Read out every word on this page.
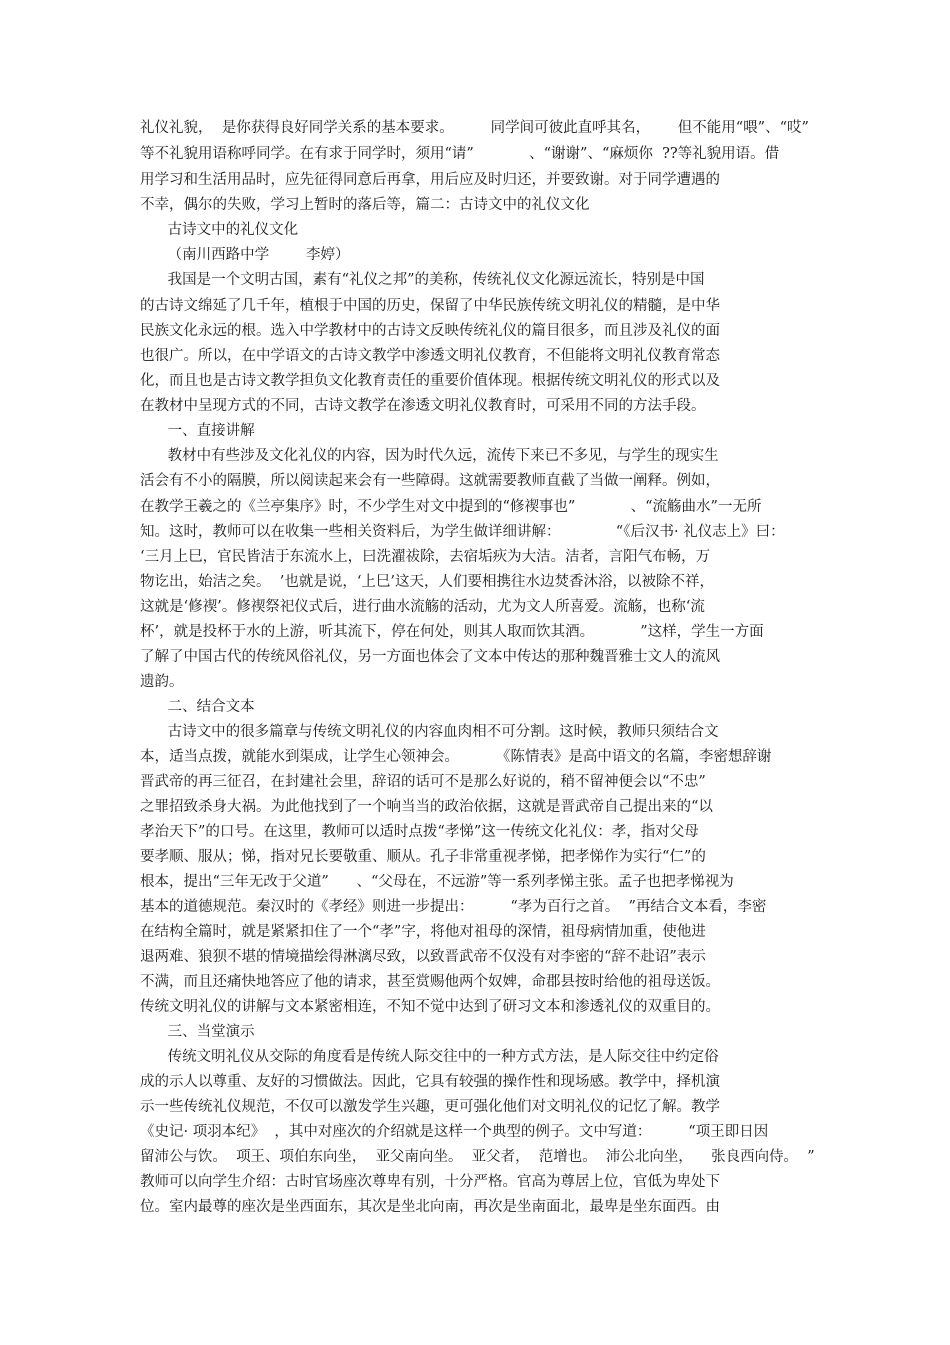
礼仪礼貌，  是你获得良好同学关系的基本要求。        同学间可彼此直呼其名，      但不能用“喂”、“哎”
等不礼貌用语称呼同学。在有求于同学时，须用“请”            、“谢谢”、“麻烦你  ??等礼貌用语。借
用学习和生活用品时，应先征得同意后再拿，用后应及时归还，并要致谢。对于同学遭遇的
不幸，偶尔的失败，学习上暂时的落后等，篇二：古诗文中的礼仪文化
古诗文中的礼仪文化
（南川西路中学        李婷）
我国是一个文明古国，素有“礼仪之邦”的美称，传统礼仪文化源远流长，特别是中国
的古诗文绵延了几千年，植根于中国的历史，保留了中华民族传统文明礼仪的精髓，是中华
民族文化永远的根。选入中学教材中的古诗文反映传统礼仪的篇目很多，而且涉及礼仪的面
也很广。所以，在中学语文的古诗文教学中渗透文明礼仪教育，不但能将文明礼仪教育常态
化，而且也是古诗文教学担负文化教育责任的重要价值体现。根据传统文明礼仪的形式以及
在教材中呈现方式的不同，古诗文教学在渗透文明礼仪教育时，可采用不同的方法手段。
一、直接讲解
教材中有些涉及文化礼仪的内容，因为时代久远，流传下来已不多见，与学生的现实生
活会有不小的隔膜，所以阅读起来会有一些障碍。这就需要教师直截了当做一阐释。例如，
在教学王羲之的《兰亭集序》时，不少学生对文中提到的“修禊事也”            、“流觞曲水”一无所
知。这时，教师可以在收集一些相关资料后，为学生做详细讲解：            “《后汉书· 礼仪志上》曰：
‘三月上巳，官民皆洁于东流水上，曰洗濯祓除，去宿垢疢为大洁。洁者，言阳气布畅，万
物讫出，始洁之矣。  ’也就是说，‘上巳’这天，人们要相携往水边焚香沐浴，以被除不祥，
这就是‘修禊’。修禊祭祀仪式后，进行曲水流觞的活动，尤为文人所喜爱。流觞，也称‘流
杯’，就是投杯于水的上游，听其流下，停在何处，则其人取而饮其酒。          ”这样，学生一方面
了解了中国古代的传统风俗礼仪，另一方面也体会了文本中传达的那种魏晋雅士文人的流风
遗韵。
二、结合文本
古诗文中的很多篇章与传统文明礼仪的内容血肉相不可分割。这时候，教师只须结合文
本，适当点拨，就能水到渠成，让学生心领神会。        《陈情表》是高中语文的名篇，李密想辞谢
晋武帝的再三征召，在封建社会里，辞诏的话可不是那么好说的，稍不留神便会以“不忠”
之罪招致杀身大祸。为此他找到了一个响当当的政治依据，这就是晋武帝自己提出来的“以
孝治天下”的口号。在这里，教师可以适时点拨“孝悌”这一传统文化礼仪：孝，指对父母
要孝顺、服从；悌，指对兄长要敬重、顺从。孔子非常重视孝悌，把孝悌作为实行“仁”的
根本，提出“三年无改于父道”      、“父母在，不远游”等一系列孝悌主张。孟子也把孝悌视为
基本的道德规范。秦汉时的《孝经》则进一步提出：        “孝为百行之首。  ”再结合文本看，李密
在结构全篇时，就是紧紧扣住了一个“孝”字，将他对祖母的深情，祖母病情加重，使他进
退两难、狼狈不堪的情境描绘得淋漓尽致，以致晋武帝不仅没有对李密的“辞不赴诏”表示
不满，而且还痛快地答应了他的请求，甚至赏赐他两个奴婢，命郡县按时给他的祖母送饭。
传统文明礼仪的讲解与文本紧密相连，不知不觉中达到了研习文本和渗透礼仪的双重目的。
三、当堂演示
传统文明礼仪从交际的角度看是传统人际交往中的一种方式方法，是人际交往中约定俗
成的示人以尊重、友好的习惯做法。因此，它具有较强的操作性和现场感。教学中，择机演
示一些传统礼仪规范，不仅可以激发学生兴趣，更可强化他们对文明礼仪的记忆了解。教学
《史记· 项羽本纪》  ，其中对座次的介绍就是这样一个典型的例子。文中写道：        “项王即日因
留沛公与饮。  项王、项伯东向坐，  亚父南向坐。  亚父者，  范增也。  沛公北向坐，    张良西向侍。  ”
教师可以向学生介绍：古时官场座次尊卑有别，十分严格。官高为尊居上位，官低为卑处下
位。室内最尊的座次是坐西面东，其次是坐北向南，再次是坐南面北，最卑是坐东面西。由
